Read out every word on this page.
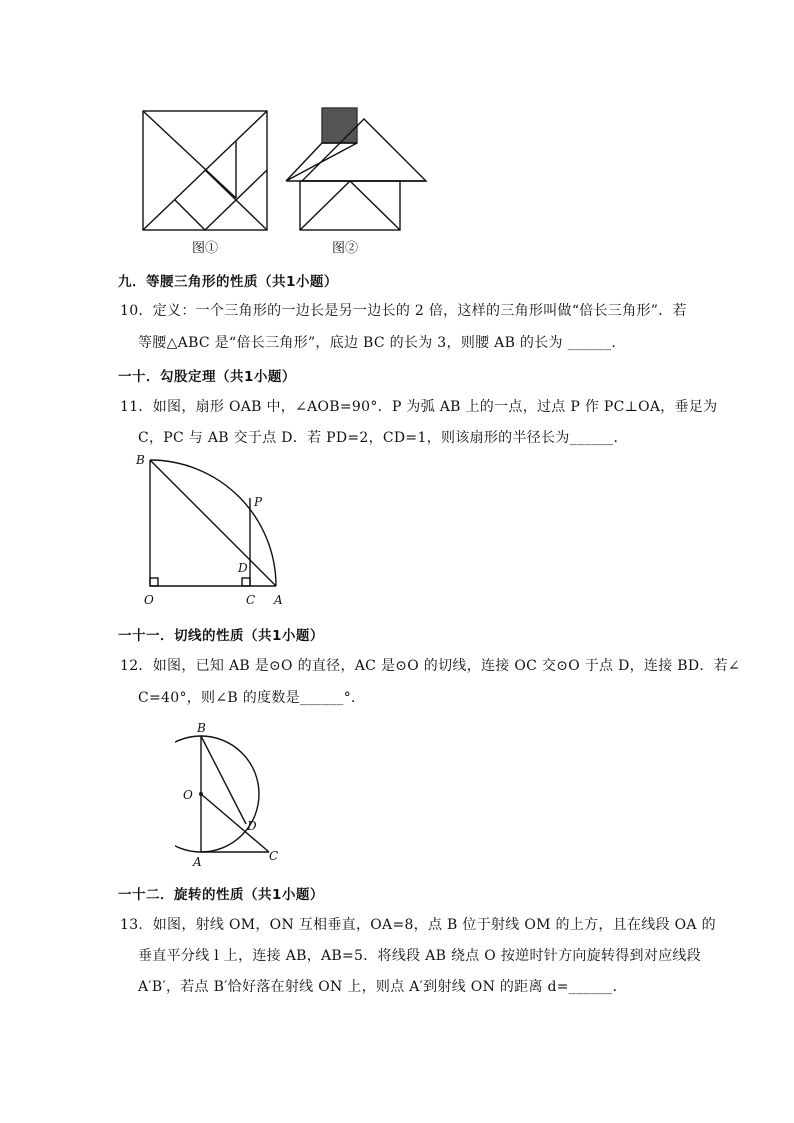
图①	图②
九．等腰三角形的性质（共1小题）
10．定义：一个三角形的一边长是另一边长的 2 倍，这样的三角形叫做“倍长三角形”．若
等腰△ABC 是“倍长三角形”，底边 BC 的长为 3，则腰 AB 的长为 ______．
一十．勾股定理（共1小题）
11．如图，扇形 OAB 中，∠AOB=90°．P 为弧 AB 上的一点，过点 P 作 PC⊥OA，垂足为
C，PC 与 AB 交于点 D．若 PD=2，CD=1，则该扇形的半径长为______．
B
P
D
O	C A
一十一．切线的性质（共1小题）
12．如图，已知 AB 是⊙O 的直径，AC 是⊙O 的切线，连接 OC 交⊙O 于点 D，连接 BD．若∠
C=40°，则∠B 的度数是______°．
B
O
D
A	C
一十二．旋转的性质（共1小题）
13．如图，射线 OM，ON 互相垂直，OA=8，点 B 位于射线 OM 的上方，且在线段 OA 的
垂直平分线 l 上，连接 AB，AB=5．将线段 AB 绕点 O 按逆时针方向旋转得到对应线段
A′B′，若点 B′恰好落在射线 ON 上，则点 A′到射线 ON 的距离 d=______．
